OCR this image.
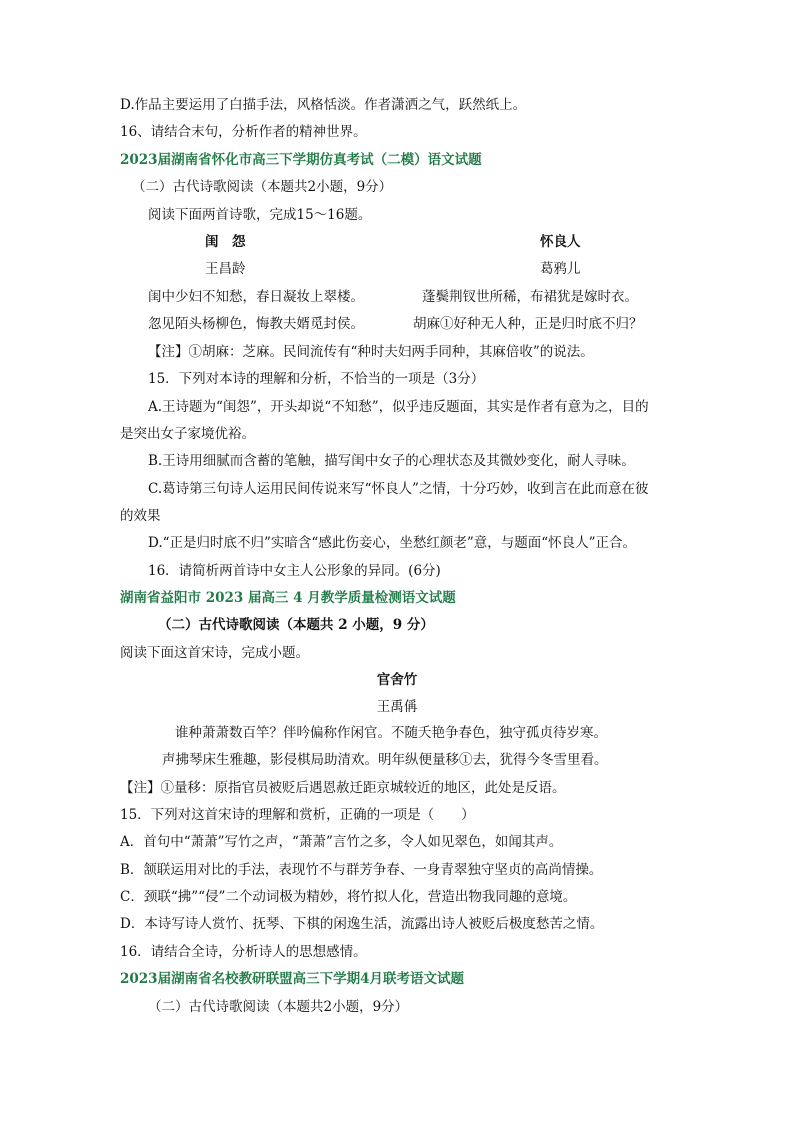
D.作品主要运用了白描手法，风格恬淡。作者潇洒之气，跃然纸上。
16、请结合末句，分析作者的精神世界。
2023届湖南省怀化市高三下学期仿真考试（二模）语文试题
（二）古代诗歌阅读（本题共2小题，9分）
阅读下面两首诗歌，完成15～16题。
闺　怨
王昌龄
怀良人
葛鸦儿
闺中少妇不知愁，春日凝妆上翠楼。	蓬鬓荆钗世所稀，布裙犹是嫁时衣。
忽见陌头杨柳色，悔教夫婿觅封侯。	胡麻①好种无人种，正是归时底不归？
【注】①胡麻：芝麻。民间流传有“种时夫妇两手同种，其麻倍收”的说法。
15．下列对本诗的理解和分析，不恰当的一项是（3分）
A.王诗题为“闺怨”，开头却说“不知愁”，似乎违反题面，其实是作者有意为之，目的
是突出女子家境优裕。
B.王诗用细腻而含蓄的笔触，描写闺中女子的心理状态及其微妙变化，耐人寻味。
C.葛诗第三句诗人运用民间传说来写“怀良人”之情，十分巧妙，收到言在此而意在彼
的效果
D.“正是归时底不归”实暗含“感此伤妾心，坐愁红颜老”意，与题面“怀良人”正合。
16．请简析两首诗中女主人公形象的异同。(6分)
湖南省益阳市 2023 届高三 4 月教学质量检测语文试题
（二）古代诗歌阅读（本题共 2 小题，9 分）
阅读下面这首宋诗，完成小题。
官舍竹
王禹偁
谁种萧萧数百竿？伴吟偏称作闲官。不随夭艳争春色，独守孤贞待岁寒。
声拂琴床生雅趣，影侵棋局助清欢。明年纵便量移①去，犹得今冬雪里看。
【注】①量移：原指官员被贬后遇恩赦迁距京城较近的地区，此处是反语。
15．下列对这首宋诗的理解和赏析，正确的一项是（　　）
A．首句中“萧萧”写竹之声，“萧萧”言竹之多，令人如见翠色，如闻其声。
B．颔联运用对比的手法，表现竹不与群芳争春、一身青翠独守坚贞的高尚情操。
C．颈联“拂”“侵”二个动词极为精妙，将竹拟人化，营造出物我同趣的意境。
D．本诗写诗人赏竹、抚琴、下棋的闲逸生活，流露出诗人被贬后极度愁苦之情。
16．请结合全诗，分析诗人的思想感情。
2023届湖南省名校教研联盟高三下学期4月联考语文试题
（二）古代诗歌阅读（本题共2小题，9分）
